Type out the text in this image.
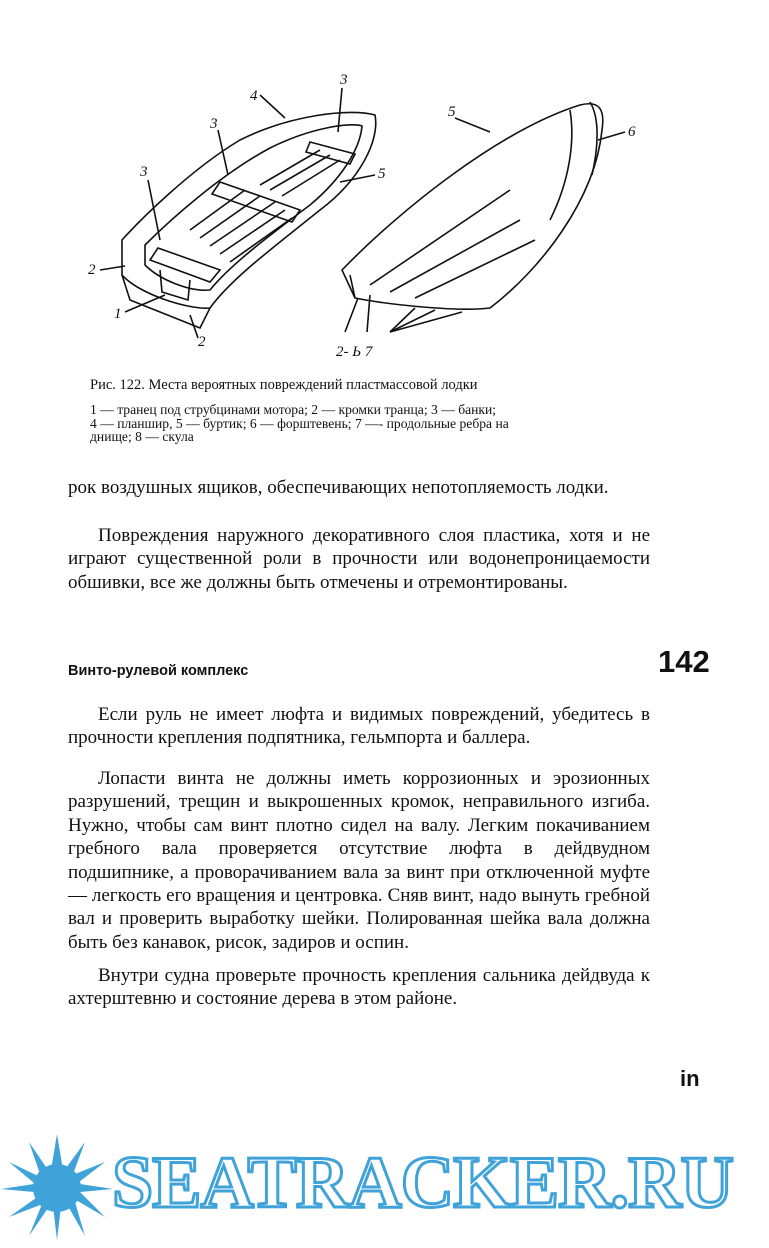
4
3
3
3	5
2
1
2
5
6
2- Ь 7

Рис. 122. Места вероятных повреждений пластмассовой лодки

1 — транец под струбцинами мотора; 2 — кромки транца; 3 — банки;
4 — планшир, 5 — буртик; 6 — форштевень; 7 —- продольные ребра на
днище; 8 — скула

рок воздушных ящиков, обеспечивающих непотопляемость лодки.

Повреждения наружного декоративного слоя пластика, хотя и не играют существенной роли в прочности или водонепроницаемости обшивки, все же должны быть отмечены и отремонтированы.

Винто-рулевой комплекс	142

Если руль не имеет люфта и видимых повреждений, убедитесь в прочности крепления подпятника, гельмпорта и баллера.

Лопасти винта не должны иметь коррозионных и эрозионных разрушений, трещин и выкрошенных кромок, неправильного изгиба. Нужно, чтобы сам винт плотно сидел на валу. Легким покачиванием гребного вала проверяется отсутствие люфта в дейдвудном подшипнике, а проворачиванием вала за винт при отключенной муфте — легкость его вращения и центровка. Сняв винт, надо вынуть гребной вал и проверить выработку шейки. Полированная шейка вала должна быть без канавок, рисок, задиров и оспин.

Внутри судна проверьте прочность крепления сальника дейдвуда к ахтерштевню и состояние дерева в этом районе.

in
SEATRACKER.RU
